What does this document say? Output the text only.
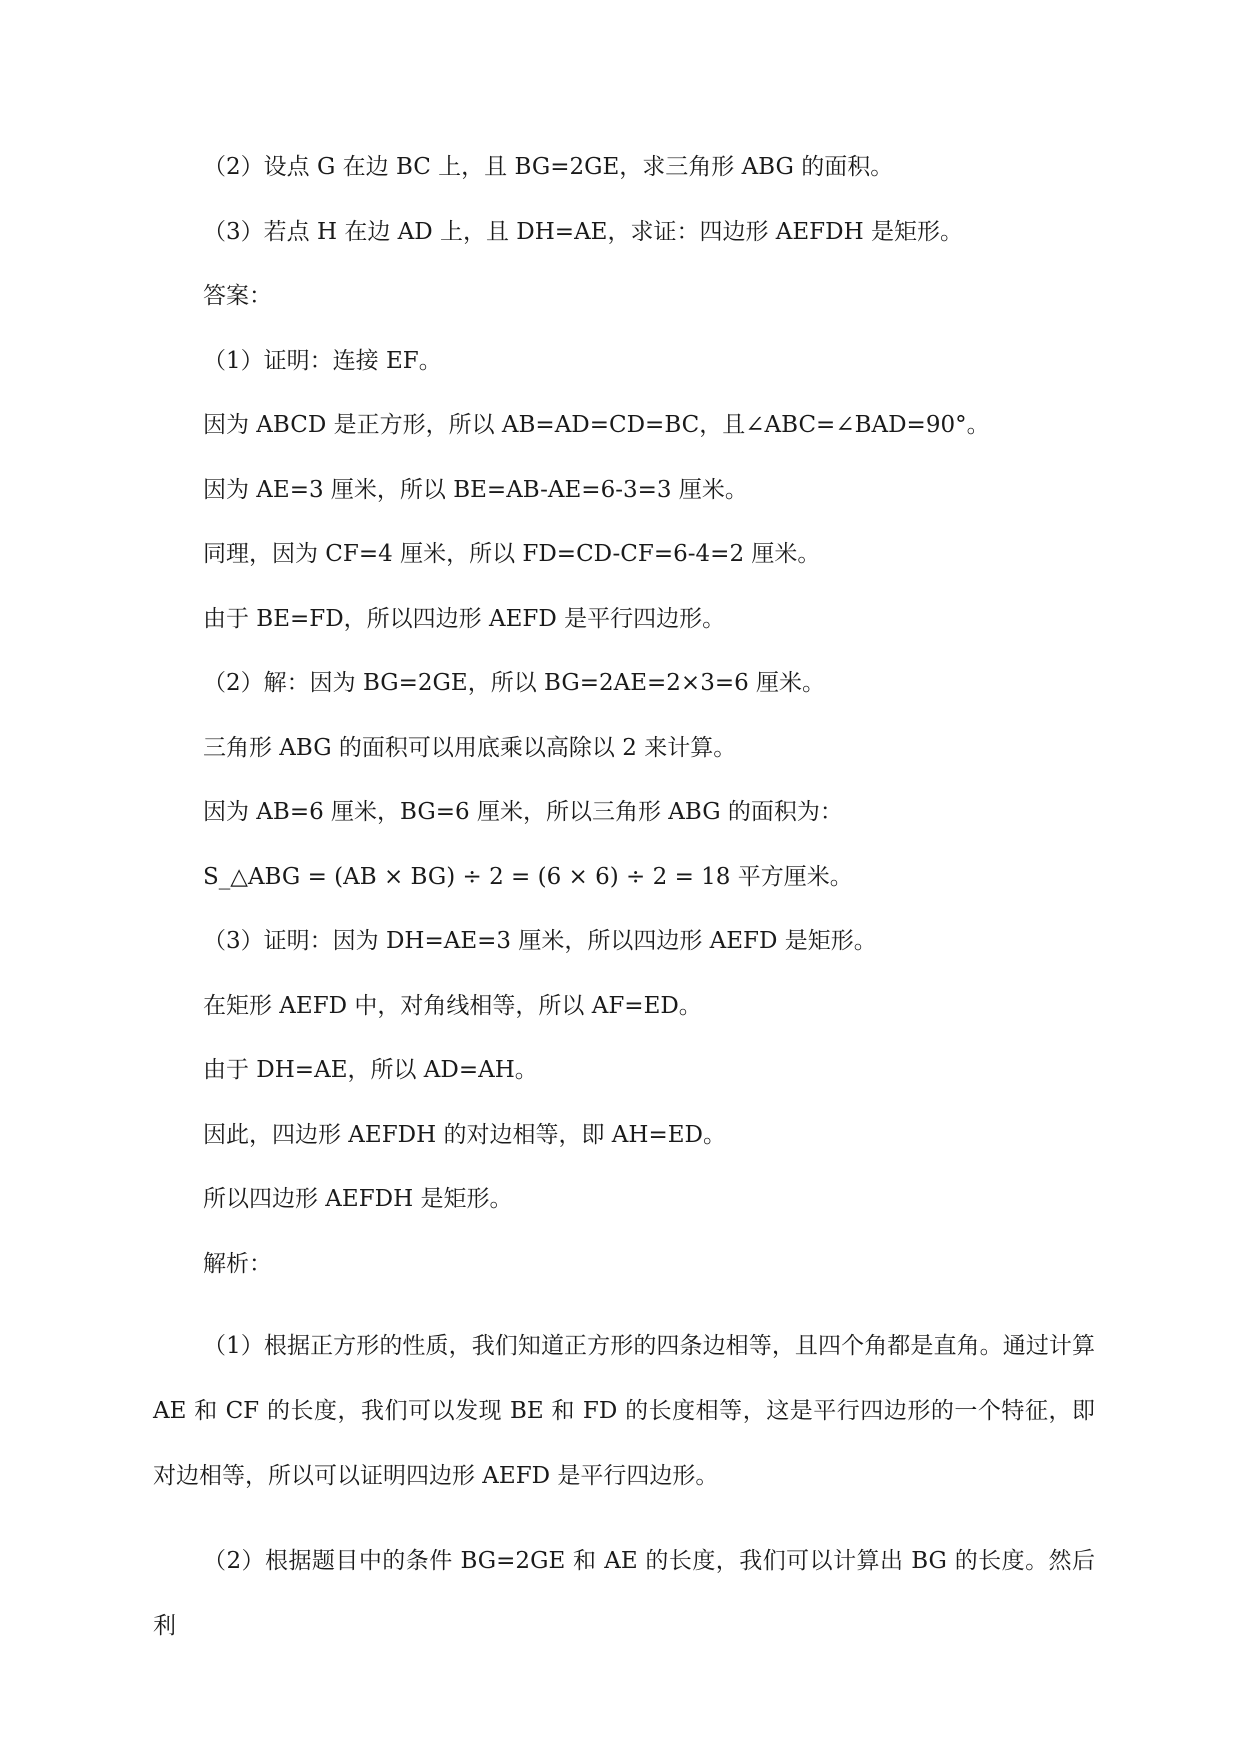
（2）设点 G 在边 BC 上，且 BG=2GE，求三角形 ABG 的面积。
（3）若点 H 在边 AD 上，且 DH=AE，求证：四边形 AEFDH 是矩形。
答案：
（1）证明：连接 EF。
因为 ABCD 是正方形，所以 AB=AD=CD=BC，且∠ABC=∠BAD=90°。
因为 AE=3 厘米，所以 BE=AB-AE=6-3=3 厘米。
同理，因为 CF=4 厘米，所以 FD=CD-CF=6-4=2 厘米。
由于 BE=FD，所以四边形 AEFD 是平行四边形。
（2）解：因为 BG=2GE，所以 BG=2AE=2×3=6 厘米。
三角形 ABG 的面积可以用底乘以高除以 2 来计算。
因为 AB=6 厘米，BG=6 厘米，所以三角形 ABG 的面积为：
S_△ABG = (AB × BG) ÷ 2 = (6 × 6) ÷ 2 = 18 平方厘米。
（3）证明：因为 DH=AE=3 厘米，所以四边形 AEFD 是矩形。
在矩形 AEFD 中，对角线相等，所以 AF=ED。
由于 DH=AE，所以 AD=AH。
因此，四边形 AEFDH 的对边相等，即 AH=ED。
所以四边形 AEFDH 是矩形。
解析：

（1）根据正方形的性质，我们知道正方形的四条边相等，且四个角都是直角。通过计算 AE 和 CF 的长度，我们可以发现 BE 和 FD 的长度相等，这是平行四边形的一个特征，即对边相等，所以可以证明四边形 AEFD 是平行四边形。

（2）根据题目中的条件 BG=2GE 和 AE 的长度，我们可以计算出 BG 的长度。然后利
